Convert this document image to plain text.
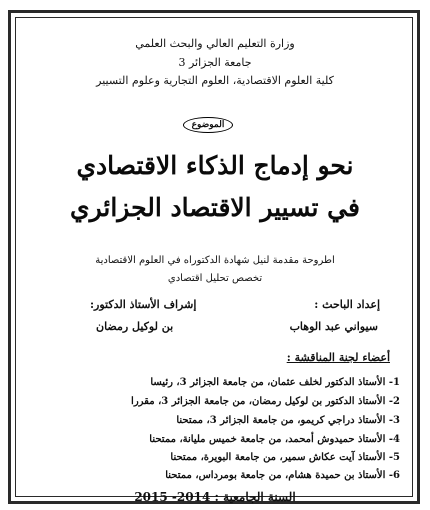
وزارة التعليم العالي والبحث العلمي
جامعة الجزائر 3
كلية العلوم الاقتصادية، العلوم التجارية وعلوم التسيير
الموضوع
نحو إدماج الذكاء الاقتصادي
في تسيير الاقتصاد الجزائري
اطروحة مقدمة لنيل شهادة الدكتوراه في العلوم الاقتصادية
تخصص تحليل اقتصادي
إعداد الباحث :
سيواني عبد الوهاب
إشراف الأستاذ الدكتور:
بن لوكيل رمضان
أعضاء لجنة المناقشة :
1- الأستاذ الدكتور لخلف عثمان، من جامعة الجزائر 3، رئيسا
2- الأستاذ الدكتور بن لوكيل رمضان، من جامعة الجزائر 3، مقررا
3- الأستاذ دراجي كريمو، من جامعة الجزائر 3، ممتحنا
4- الأستاذ حميدوش أمحمد، من جامعة خميس مليانة، ممتحنا
5- الأستاذ آيت عكاش سمير، من جامعة البويرة، ممتحنا
6- الأستاذ بن حميدة هشام، من جامعة بومرداس، ممتحنا
السنة الجامعية : 2014- 2015
